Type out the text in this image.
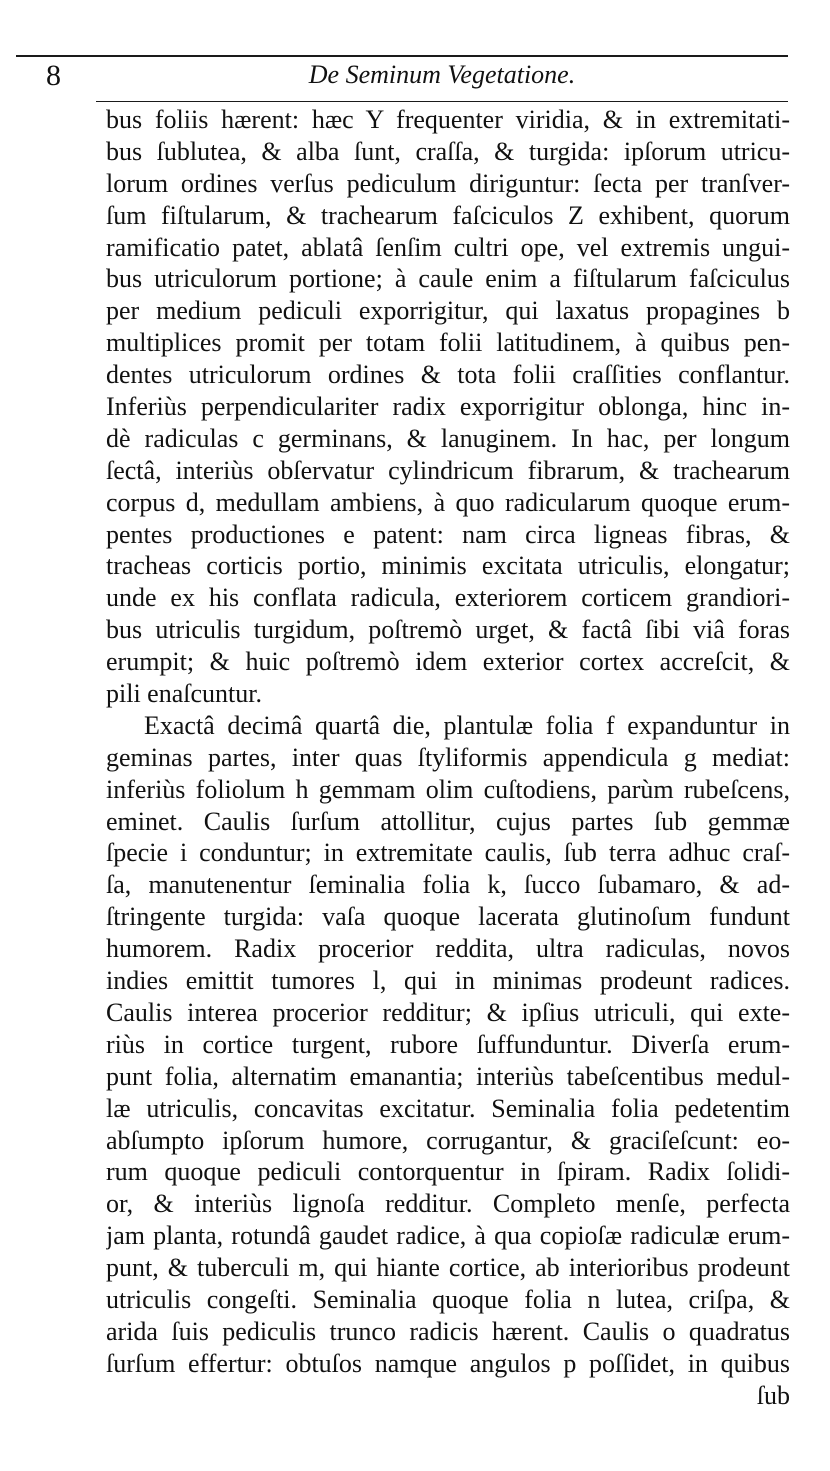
8	De Seminum Vegetatione.
bus foliis hærent: hæc Y frequenter viridia, & in extremitati-
bus ſublutea, & alba ſunt, craſſa, & turgida: ipſorum utricu-
lorum ordines verſus pediculum diriguntur: ſecta per tranſver-
ſum fiſtularum, & trachearum faſciculos Z exhibent, quorum
ramificatio patet, ablatâ ſenſim cultri ope, vel extremis ungui-
bus utriculorum portione; à caule enim a fiſtularum faſciculus
per medium pediculi exporrigitur, qui laxatus propagines b
multiplices promit per totam folii latitudinem, à quibus pen-
dentes utriculorum ordines & tota folii craſſities conflantur.
Inferiùs perpendiculariter radix exporrigitur oblonga, hinc in-
dè radiculas c germinans, & lanuginem. In hac, per longum
ſectâ, interiùs obſervatur cylindricum fibrarum, & trachearum
corpus d, medullam ambiens, à quo radicularum quoque erum-
pentes productiones e patent: nam circa ligneas fibras, &
tracheas corticis portio, minimis excitata utriculis, elongatur;
unde ex his conflata radicula, exteriorem corticem grandiori-
bus utriculis turgidum, poſtremò urget, & factâ ſibi viâ foras
erumpit; & huic poſtremò idem exterior cortex accreſcit, &
pili enaſcuntur.
Exactâ decimâ quartâ die, plantulæ folia f expanduntur in
geminas partes, inter quas ſtyliformis appendicula g mediat:
inferiùs foliolum h gemmam olim cuſtodiens, parùm rubeſcens,
eminet. Caulis ſurſum attollitur, cujus partes ſub gemmæ
ſpecie i conduntur; in extremitate caulis, ſub terra adhuc craſ-
ſa, manutenentur ſeminalia folia k, ſucco ſubamaro, & ad-
ſtringente turgida: vaſa quoque lacerata glutinoſum fundunt
humorem. Radix procerior reddita, ultra radiculas, novos
indies emittit tumores l, qui in minimas prodeunt radices.
Caulis interea procerior redditur; & ipſius utriculi, qui exte-
riùs in cortice turgent, rubore ſuffunduntur. Diverſa erum-
punt folia, alternatim emanantia; interiùs tabeſcentibus medul-
læ utriculis, concavitas excitatur. Seminalia folia pedetentim
abſumpto ipſorum humore, corrugantur, & graciſeſcunt: eo-
rum quoque pediculi contorquentur in ſpiram. Radix ſolidi-
or, & interiùs lignoſa redditur. Completo menſe, perfecta
jam planta, rotundâ gaudet radice, à qua copioſæ radiculæ erum-
punt, & tuberculi m, qui hiante cortice, ab interioribus prodeunt
utriculis congeſti. Seminalia quoque folia n lutea, criſpa, &
arida ſuis pediculis trunco radicis hærent. Caulis o quadratus
ſurſum effertur: obtuſos namque angulos p poſſidet, in quibus
ſub
